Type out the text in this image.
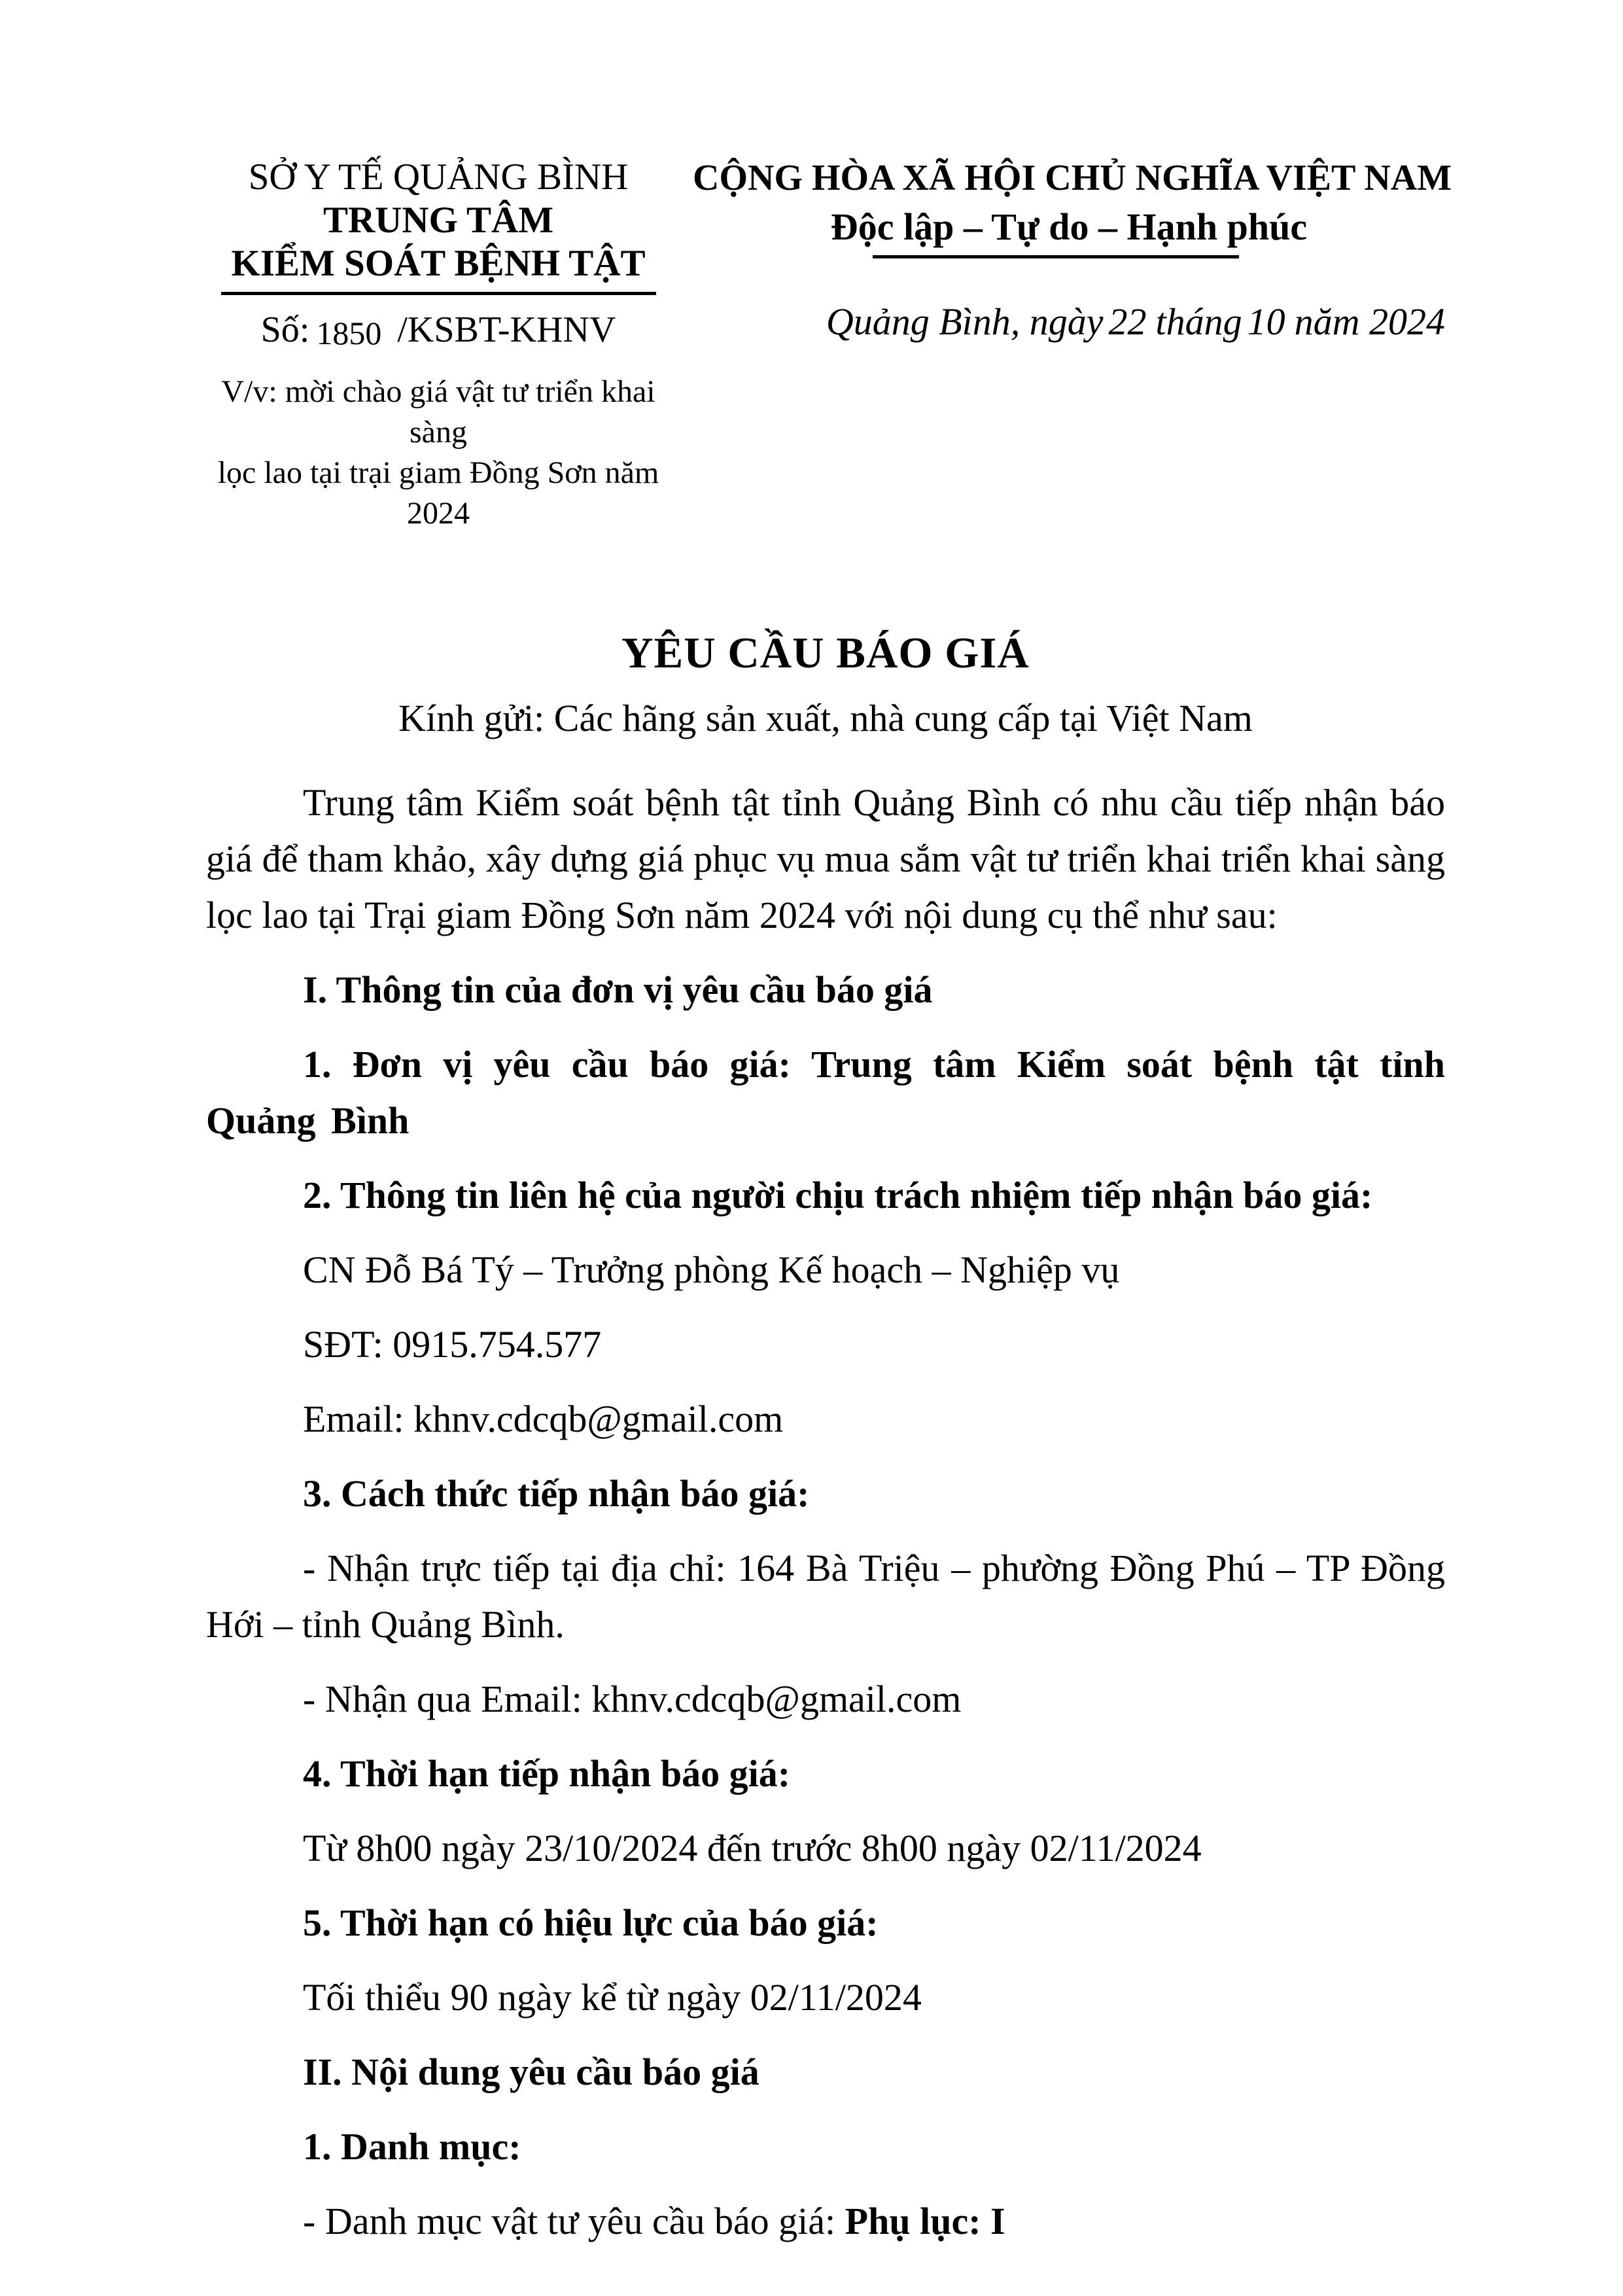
SỞ Y TẾ QUẢNG BÌNH
TRUNG TÂM
KIỂM SOÁT BỆNH TẬT
Số: 1850 /KSBT-KHNV
V/v: mời chào giá vật tư triển khai sàng
lọc lao tại trại giam Đồng Sơn năm 2024
CỘNG HÒA XÃ HỘI CHỦ NGHĨA VIỆT NAM
Độc lập – Tự do – Hạnh phúc
Quảng Bình, ngày 22 tháng 10 năm 2024
YÊU CẦU BÁO GIÁ
Kính gửi: Các hãng sản xuất, nhà cung cấp tại Việt Nam

Trung tâm Kiểm soát bệnh tật tỉnh Quảng Bình có nhu cầu tiếp nhận báo giá để tham khảo, xây dựng giá phục vụ mua sắm vật tư triển khai triển khai sàng lọc lao tại Trại giam Đồng Sơn năm 2024 với nội dung cụ thể như sau:

I. Thông tin của đơn vị yêu cầu báo giá

1. Đơn vị yêu cầu báo giá: Trung tâm Kiểm soát bệnh tật tỉnh Quảng Bình

2. Thông tin liên hệ của người chịu trách nhiệm tiếp nhận báo giá:

CN Đỗ Bá Tý – Trưởng phòng Kế hoạch – Nghiệp vụ

SĐT: 0915.754.577

Email: khnv.cdcqb@gmail.com

3. Cách thức tiếp nhận báo giá:

- Nhận trực tiếp tại địa chỉ: 164 Bà Triệu – phường Đồng Phú – TP Đồng Hới – tỉnh Quảng Bình.

- Nhận qua Email: khnv.cdcqb@gmail.com

4. Thời hạn tiếp nhận báo giá:

Từ 8h00 ngày 23/10/2024 đến trước 8h00 ngày 02/11/2024

5. Thời hạn có hiệu lực của báo giá:

Tối thiểu 90 ngày kể từ ngày 02/11/2024

II. Nội dung yêu cầu báo giá

1. Danh mục:

- Danh mục vật tư yêu cầu báo giá: Phụ lục: I
